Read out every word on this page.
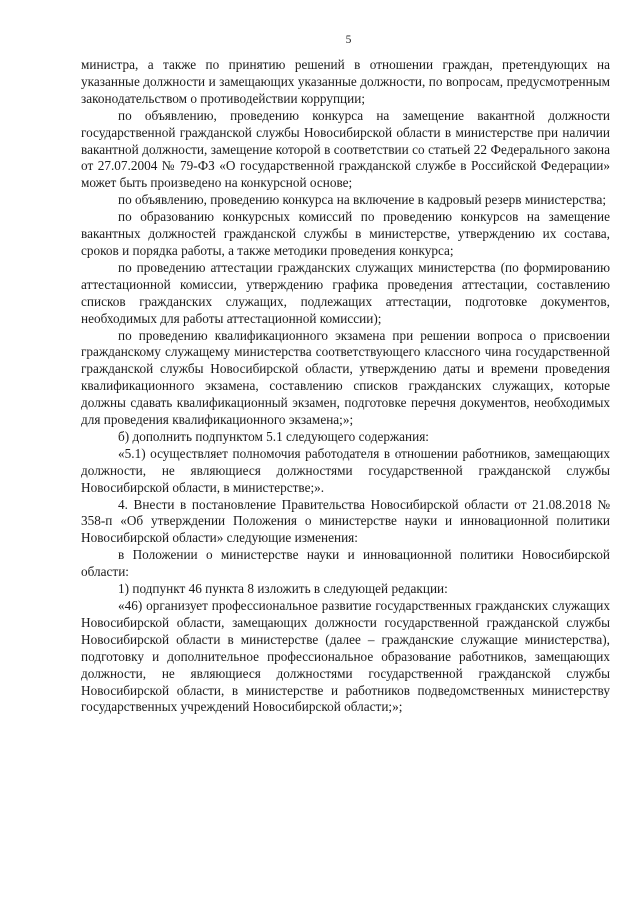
5

министра, а также по принятию решений в отношении граждан, претендующих на указанные должности и замещающих указанные должности, по вопросам, предусмотренным законодательством о противодействии коррупции;

по объявлению, проведению конкурса на замещение вакантной должности государственной гражданской службы Новосибирской области в министерстве при наличии вакантной должности, замещение которой в соответствии со статьей 22 Федерального закона от 27.07.2004 № 79-ФЗ «О государственной гражданской службе в Российской Федерации» может быть произведено на конкурсной основе;

по объявлению, проведению конкурса на включение в кадровый резерв министерства;

по образованию конкурсных комиссий по проведению конкурсов на замещение вакантных должностей гражданской службы в министерстве, утверждению их состава, сроков и порядка работы, а также методики проведения конкурса;

по проведению аттестации гражданских служащих министерства (по формированию аттестационной комиссии, утверждению графика проведения аттестации, составлению списков гражданских служащих, подлежащих аттестации, подготовке документов, необходимых для работы аттестационной комиссии);

по проведению квалификационного экзамена при решении вопроса о присвоении гражданскому служащему министерства соответствующего классного чина государственной гражданской службы Новосибирской области, утверждению даты и времени проведения квалификационного экзамена, составлению списков гражданских служащих, которые должны сдавать квалификационный экзамен, подготовке перечня документов, необходимых для проведения квалификационного экзамена;»;

б) дополнить подпунктом 5.1 следующего содержания:

«5.1) осуществляет полномочия работодателя в отношении работников, замещающих должности, не являющиеся должностями государственной гражданской службы Новосибирской области, в министерстве;».

4. Внести в постановление Правительства Новосибирской области от 21.08.2018 № 358-п «Об утверждении Положения о министерстве науки и инновационной политики Новосибирской области» следующие изменения:

в Положении о министерстве науки и инновационной политики Новосибирской области:

1) подпункт 46 пункта 8 изложить в следующей редакции:

«46) организует профессиональное развитие государственных гражданских служащих Новосибирской области, замещающих должности государственной гражданской службы Новосибирской области в министерстве (далее – гражданские служащие министерства), подготовку и дополнительное профессиональное образование работников, замещающих должности, не являющиеся должностями государственной гражданской службы Новосибирской области, в министерстве и работников подведомственных министерству государственных учреждений Новосибирской области;»;
